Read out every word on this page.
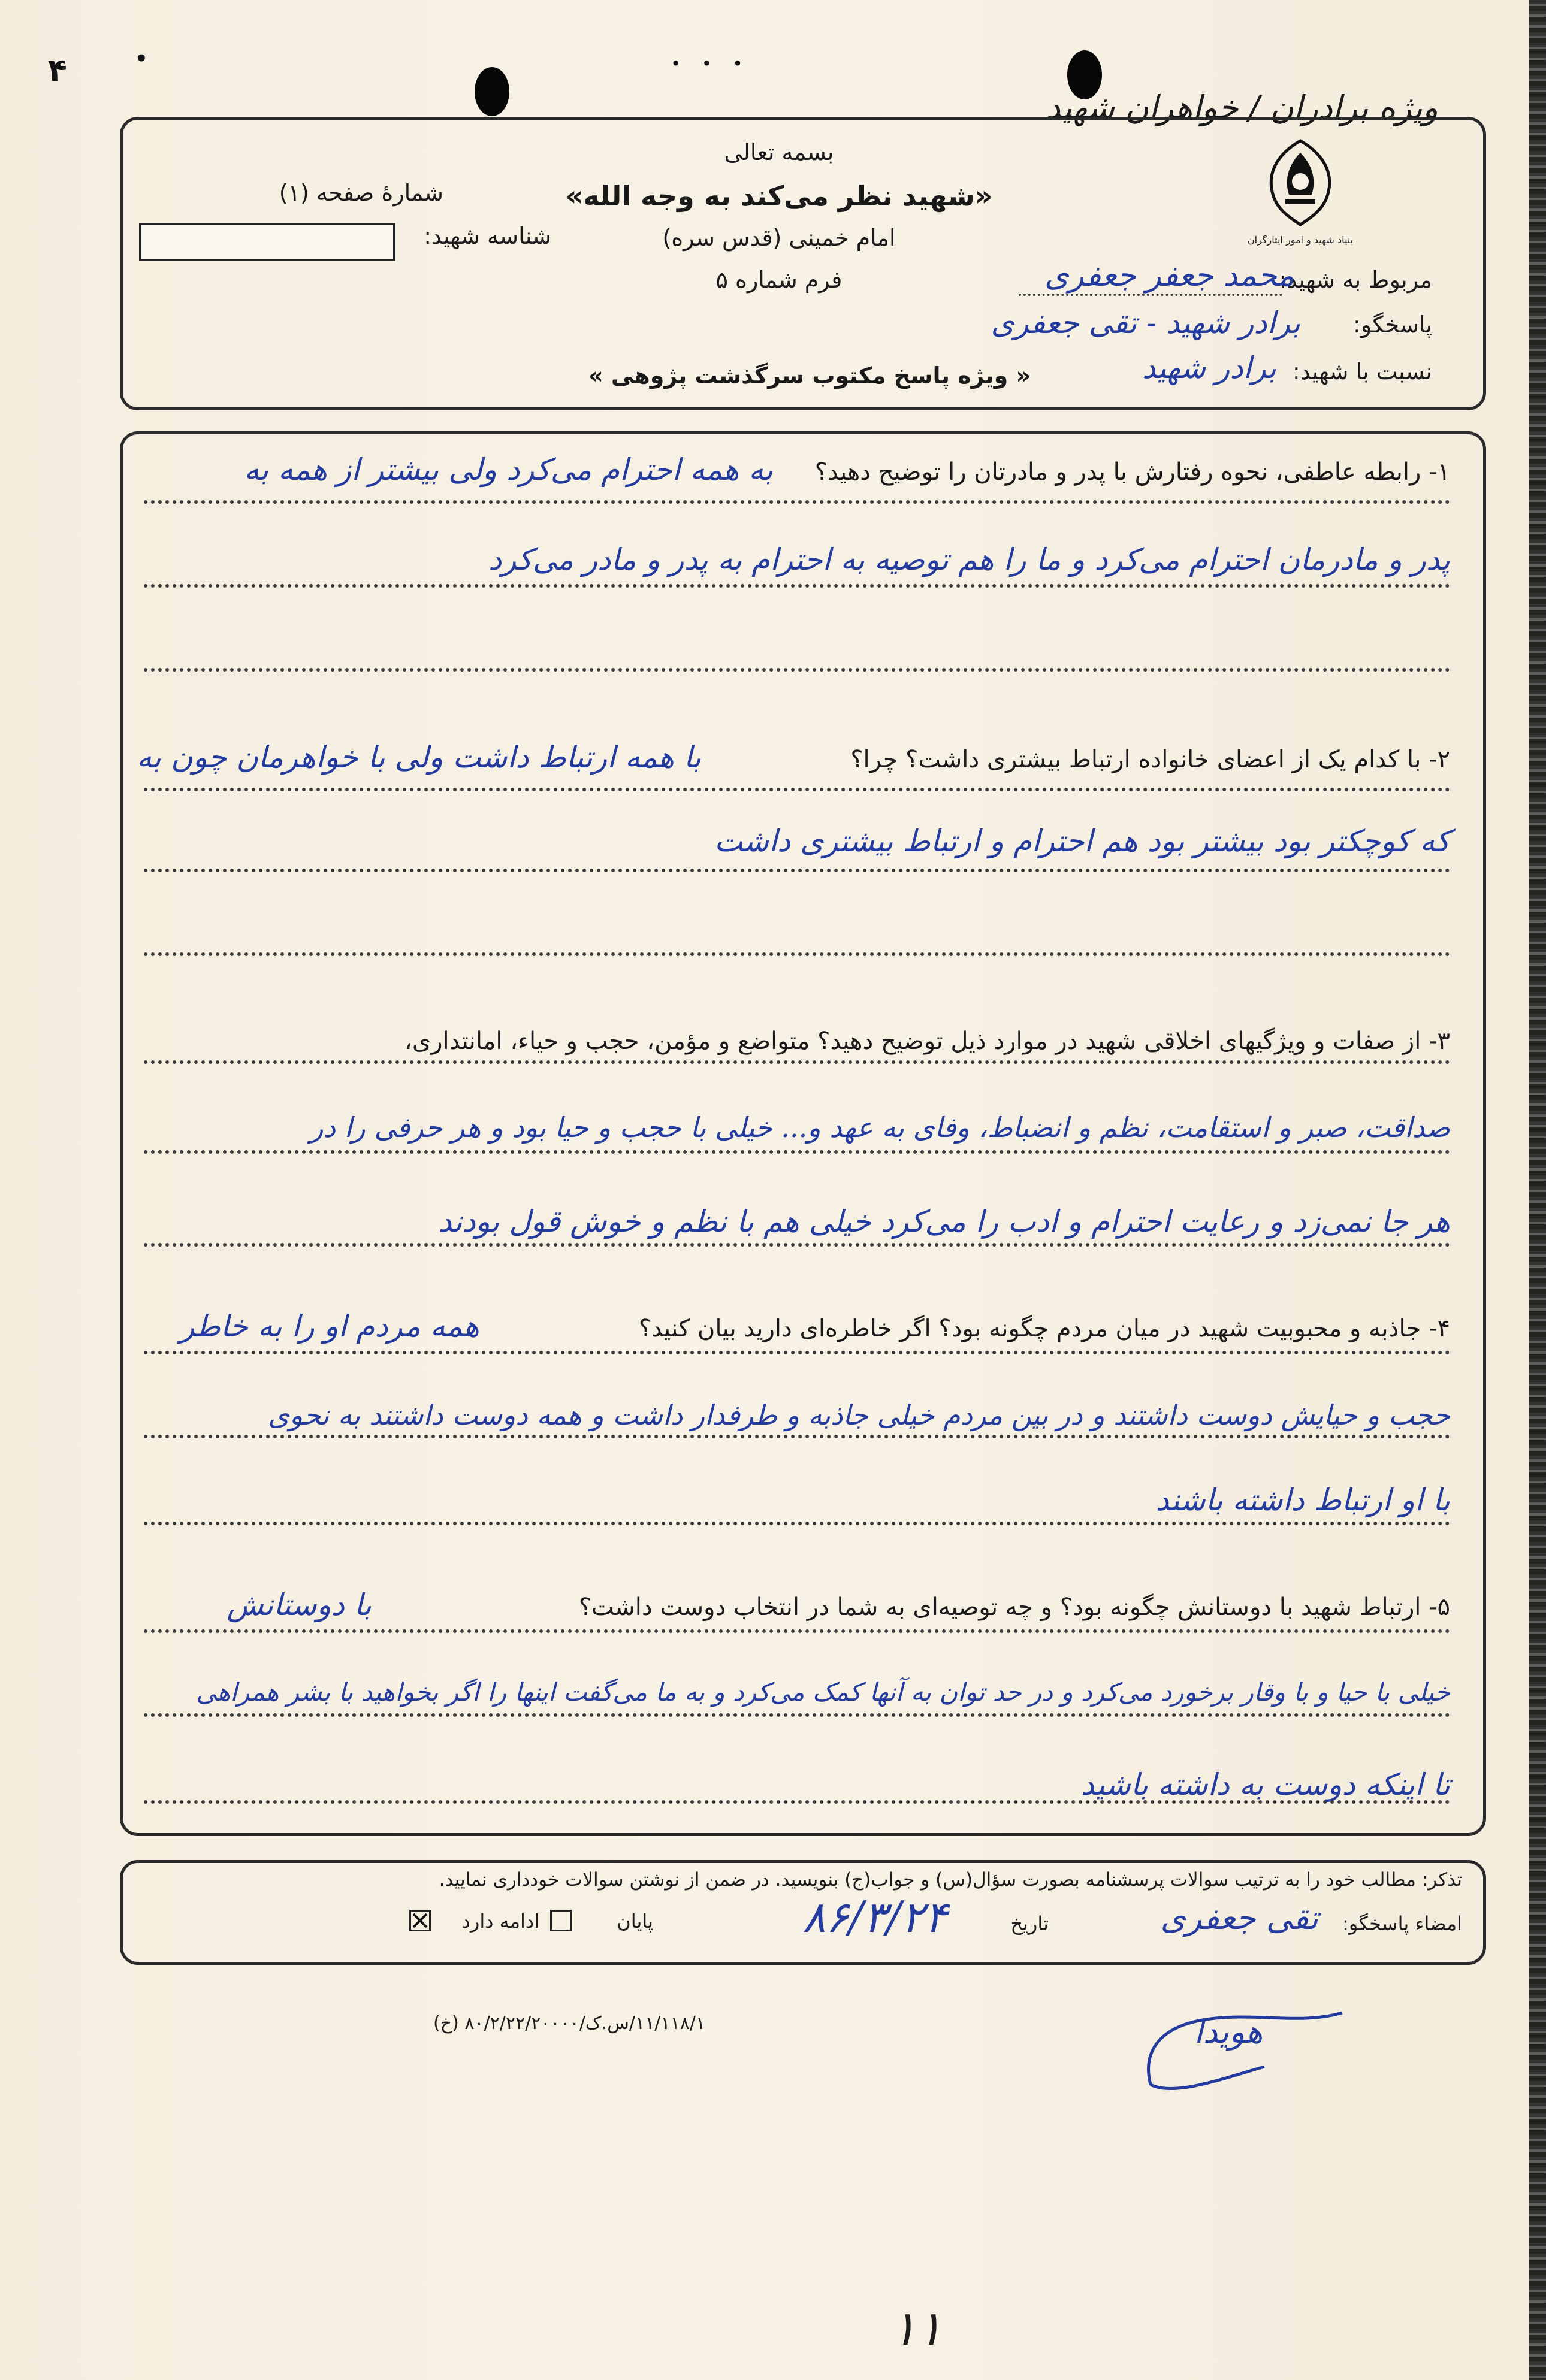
۴	•	• • •
ویژه برادران / خواهران شهید
بنیاد شهید و امور ایثارگران
بسمه تعالی
«شهید نظر می‌کند به وجه الله»
امام خمینی (قدس سره)
فرم شماره ۵
شمارهٔ صفحه (۱)
شناسه شهید:
مربوط به شهید:
محمد جعفر جعفری
پاسخگو:
برادر شهید - تقی جعفری
نسبت با شهید:
برادر شهید
« ویژه پاسخ مکتوب سرگذشت پژوهی »
۱- رابطه عاطفی، نحوه رفتارش با پدر و مادرتان را توضیح دهید؟
به همه احترام می‌کرد ولی بیشتر از همه به
پدر و مادرمان احترام می‌کرد و ما را هم توصیه به احترام به پدر و مادر می‌کرد
۲- با کدام یک از اعضای خانواده ارتباط بیشتری داشت؟ چرا؟
با همه ارتباط داشت ولی با خواهرمان چون به
که کوچکتر بود بیشتر بود هم احترام و ارتباط بیشتری داشت
۳- از صفات و ویژگیهای اخلاقی شهید در موارد ذیل توضیح دهید؟ متواضع و مؤمن، حجب و حیاء، امانتداری،
صداقت، صبر و استقامت، نظم و انضباط، وفای به عهد و... خیلی با حجب و حیا بود و هر حرفی را در
هر جا نمی‌زد و رعایت احترام و ادب را می‌کرد خیلی هم با نظم و خوش قول بودند
۴- جاذبه و محبوبیت شهید در میان مردم چگونه بود؟ اگر خاطره‌ای دارید بیان کنید؟
همه مردم او را به خاطر
حجب و حیایش دوست داشتند و در بین مردم خیلی جاذبه و طرفدار داشت و همه دوست داشتند به نحوی
با او ارتباط داشته باشند
۵- ارتباط شهید با دوستانش چگونه بود؟ و چه توصیه‌ای به شما در انتخاب دوست داشت؟
با دوستانش
خیلی با حیا و با وقار برخورد می‌کرد و در حد توان به آنها کمک می‌کرد و به ما می‌گفت اینها را اگر بخواهید با بشر همراهی
تا اینکه دوست به داشته باشید
تذکر: مطالب خود را به ترتیب سوالات پرسشنامه بصورت سؤال(س) و جواب(ج) بنویسید. در ضمن از نوشتن سوالات خودداری نمایید.
امضاء پاسخگو:
تقی جعفری
تاریخ
۸۶/۳/۲۴
پایان
ادامه دارد
۱۱/۱۱۸/۱/س.ک/۸۰/۲/۲۲/۲۰۰۰۰ (خ)	هویدا
۱۱
